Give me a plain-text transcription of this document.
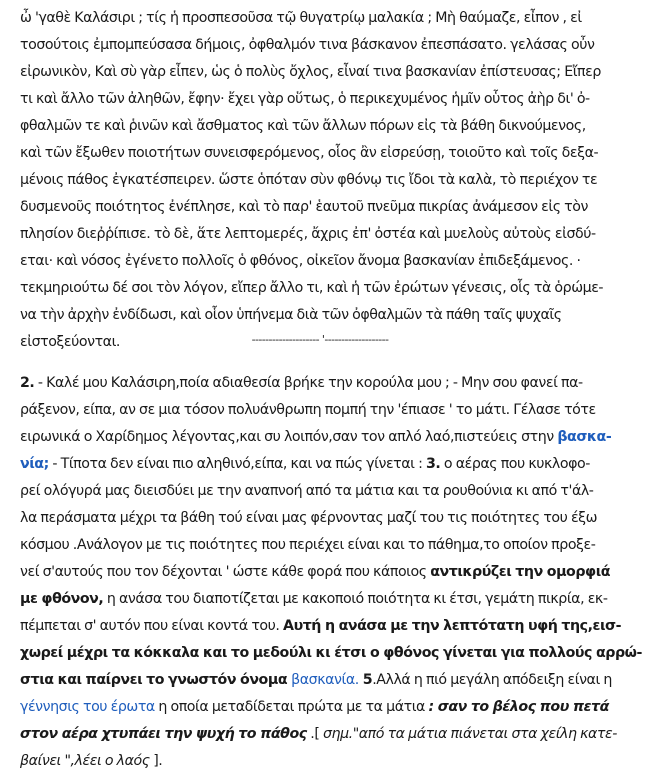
ὦ 'γαθὲ Καλάσιρι ; τίς ἡ προσπεσοῦσα τῷ θυγατρίῳ μαλακία ; Μὴ θαύμαζε, εἶπον , εἰ
τοσούτοις ἐμπομπεύσασα δήμοις, ὀφθαλμόν τινα βάσκανον ἐπεσπάσατο. γελάσας οὖν
εἰρωνικὸν, Καὶ σὺ γὰρ εἶπεν, ὡς ὁ πολὺς ὄχλος, εἶναί τινα βασκανίαν ἐπίστευσας; Εἴπερ
τι καὶ ἄλλο τῶν ἀληθῶν, ἔφην· ἔχει γὰρ οὕτως, ὁ περικεχυμένος ἡμῖν οὗτος ἀὴρ δι' ὀ-
φθαλμῶν τε καὶ ῥινῶν καὶ ἄσθματος καὶ τῶν ἄλλων πόρων εἰς τὰ βάθη δικνούμενος,
καὶ τῶν ἔξωθεν ποιοτήτων συνεισφερόμενος, οἷος ἂν εἰσρεύσῃ, τοιοῦτο καὶ τοῖς δεξα-
μένοις πάθος ἐγκατέσπειρεν. ὥστε ὁπόταν σὺν φθόνῳ τις ἴδοι τὰ καλὰ, τὸ περιέχον τε
δυσμενοῦς ποιότητος ἐνέπλησε, καὶ τὸ παρ' ἑαυτοῦ πνεῦμα πικρίας ἀνάμεσον εἰς τὸν
πλησίον διεῤῥίπισε. τὸ δὲ, ἅτε λεπτομερές, ἄχρις ἐπ' ὀστέα καὶ μυελοὺς αὐτοὺς εἰσδύ-
εται· καὶ νόσος ἐγένετο πολλοῖς ὁ φθόνος, οἰκεῖον ἄνομα βασκανίαν ἐπιδεξάμενος. ·
τεκμηριούτω δέ σοι τὸν λόγον, εἴπερ ἄλλο τι, καὶ ἡ τῶν ἐρώτων γένεσις, οἷς τὰ ὁρώμε-
να τὴν ἀρχὴν ἐνδίδωσι, καὶ οἷον ὑπήνεμα διὰ τῶν ὀφθαλμῶν τὰ πάθη ταῖς ψυχαῖς
εἰστοξεύονται.	-------------------- '-------------------
2. - Καλέ μου Καλάσιρη,ποία αδιαθεσία βρήκε την κορούλα μου ; - Μην σου φανεί πα-
ράξενον, είπα, αν σε μια τόσον πολυάνθρωπη πομπή την 'έπιασε ' το μάτι. Γέλασε τότε
ειρωνικά ο Χαρίδημος λέγοντας,και συ λοιπόν,σαν τον απλό λαό,πιστεύεις στην βασκα-
νία; - Τίποτα δεν είναι πιο αληθινό,είπα, και να πώς γίνεται : 3. ο αέρας που κυκλοφο-
ρεί ολόγυρά μας διεισδύει με την αναπνοή από τα μάτια και τα ρουθούνια κι από τ'άλ-
λα περάσματα μέχρι τα βάθη τού είναι μας φέρνοντας μαζί του τις ποιότητες του έξω
κόσμου .Ανάλογον με τις ποιότητες που περιέχει είναι και το πάθημα,το οποίον προξε-
νεί σ'αυτούς που τον δέχονται ' ώστε κάθε φορά που κάποιος αντικρύζει την ομορφιά
με φθόνον, η ανάσα του διαποτίζεται με κακοποιό ποιότητα κι έτσι, γεμάτη πικρία, εκ-
πέμπεται σ' αυτόν που είναι κοντά του. Αυτή η ανάσα με την λεπτότατη υφή της,εισ-
χωρεί μέχρι τα κόκκαλα και το μεδούλι κι έτσι ο φθόνος γίνεται για πολλούς αρρώ-
στια και παίρνει το γνωστόν όνομα βασκανία. 5.Αλλά η πιό μεγάλη απόδειξη είναι η
γέννησις του έρωτα η οποία μεταδίδεται πρώτα με τα μάτια : σαν το βέλος που πετά
στον αέρα χτυπάει την ψυχή το πάθος .[ σημ."από τα μάτια πιάνεται στα χείλη κατε-
βαίνει ",λέει ο λαός ].
